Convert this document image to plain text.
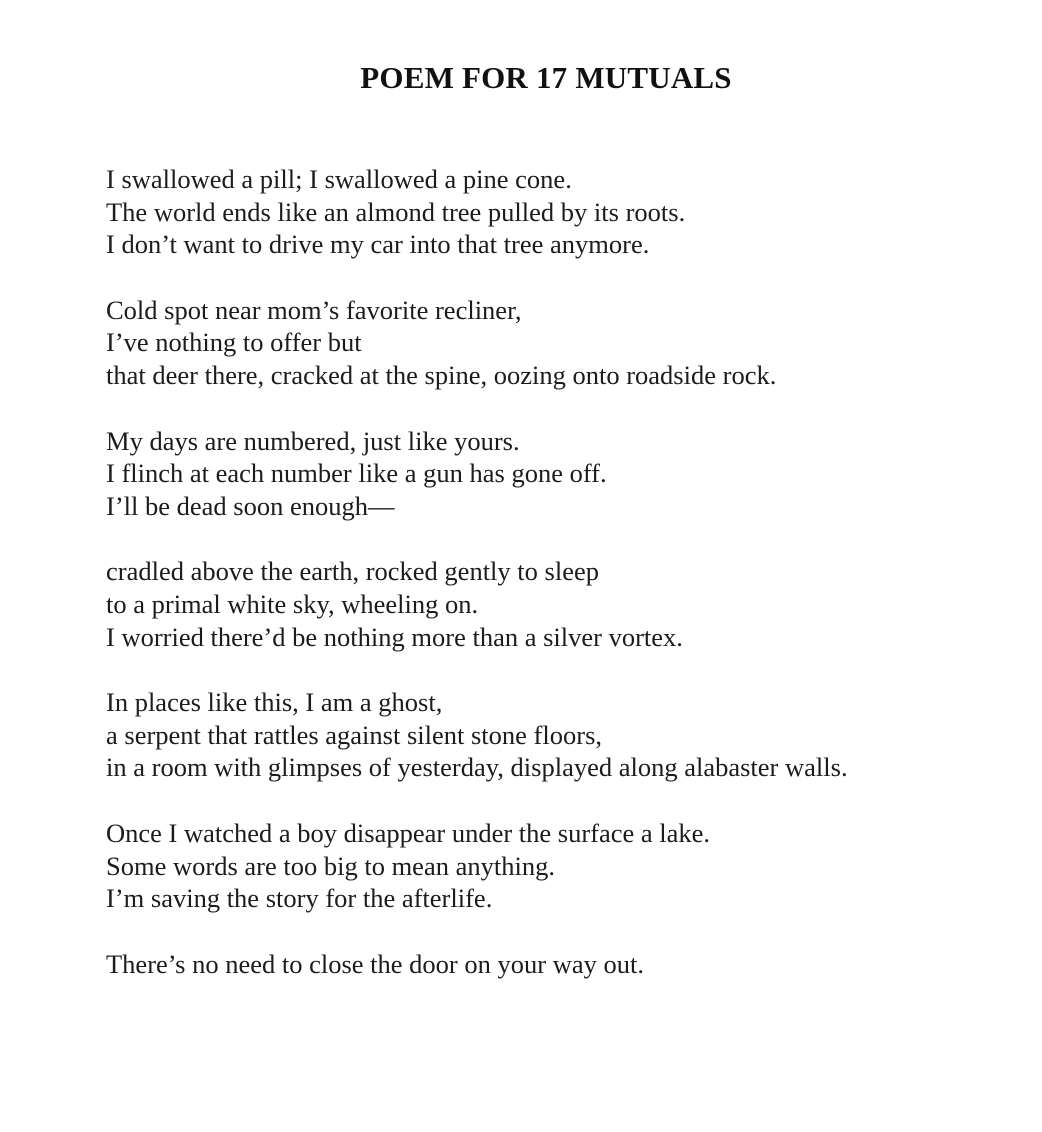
POEM FOR 17 MUTUALS
I swallowed a pill; I swallowed a pine cone.
The world ends like an almond tree pulled by its roots.
I don’t want to drive my car into that tree anymore.
Cold spot near mom’s favorite recliner,
I’ve nothing to offer but
that deer there, cracked at the spine, oozing onto roadside rock.
My days are numbered, just like yours.
I flinch at each number like a gun has gone off.
I’ll be dead soon enough—
cradled above the earth, rocked gently to sleep
to a primal white sky, wheeling on.
I worried there’d be nothing more than a silver vortex.
In places like this, I am a ghost,
a serpent that rattles against silent stone floors,
in a room with glimpses of yesterday, displayed along alabaster walls.
Once I watched a boy disappear under the surface a lake.
Some words are too big to mean anything.
I’m saving the story for the afterlife.
There’s no need to close the door on your way out.
